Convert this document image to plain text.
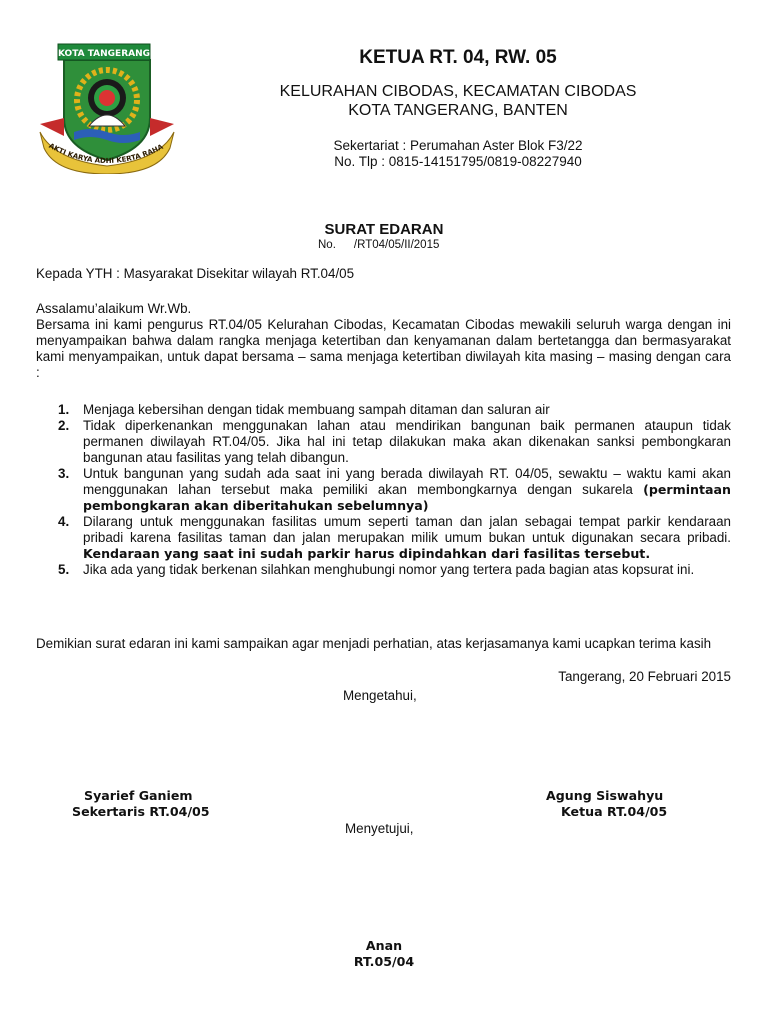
KOTA TANGERANG
AKTI KARYA ADHI KERTA RAHA
KETUA RT. 04, RW. 05
KELURAHAN CIBODAS, KECAMATAN CIBODAS
KOTA TANGERANG, BANTEN
Sekertariat : Perumahan Aster Blok F3/22
No. Tlp : 0815-14151795/0819-08227940
SURAT EDARAN
No. /RT04/05/II/2015
Kepada YTH : Masyarakat Disekitar wilayah RT.04/05
Assalamu’alaikum Wr.Wb.
Bersama ini kami pengurus RT.04/05 Kelurahan Cibodas, Kecamatan Cibodas mewakili seluruh warga dengan ini menyampaikan bahwa dalam rangka menjaga ketertiban dan kenyamanan dalam bertetangga dan bermasyarakat kami menyampaikan, untuk dapat bersama – sama menjaga ketertiban diwilayah kita masing – masing dengan cara :
1. Menjaga kebersihan dengan tidak membuang sampah ditaman dan saluran air
2. Tidak diperkenankan menggunakan lahan atau mendirikan bangunan baik permanen ataupun tidak permanen diwilayah RT.04/05. Jika hal ini tetap dilakukan maka akan dikenakan sanksi pembongkaran bangunan atau fasilitas yang telah dibangun.
3. Untuk bangunan yang sudah ada saat ini yang berada diwilayah RT. 04/05, sewaktu – waktu kami akan menggunakan lahan tersebut maka pemiliki akan membongkarnya dengan sukarela (permintaan pembongkaran akan diberitahukan sebelumnya)
4. Dilarang untuk menggunakan fasilitas umum seperti taman dan jalan sebagai tempat parkir kendaraan pribadi karena fasilitas taman dan jalan merupakan milik umum bukan untuk digunakan secara pribadi. Kendaraan yang saat ini sudah parkir harus dipindahkan dari fasilitas tersebut.
5. Jika ada yang tidak berkenan silahkan menghubungi nomor yang tertera pada bagian atas kopsurat ini.
Demikian surat edaran ini kami sampaikan agar menjadi perhatian, atas kerjasamanya kami ucapkan terima kasih
Tangerang, 20 Februari 2015
Mengetahui,
Syarief Ganiem
Sekertaris RT.04/05
Agung Siswahyu
Ketua RT.04/05
Menyetujui,
Anan
RT.05/04
